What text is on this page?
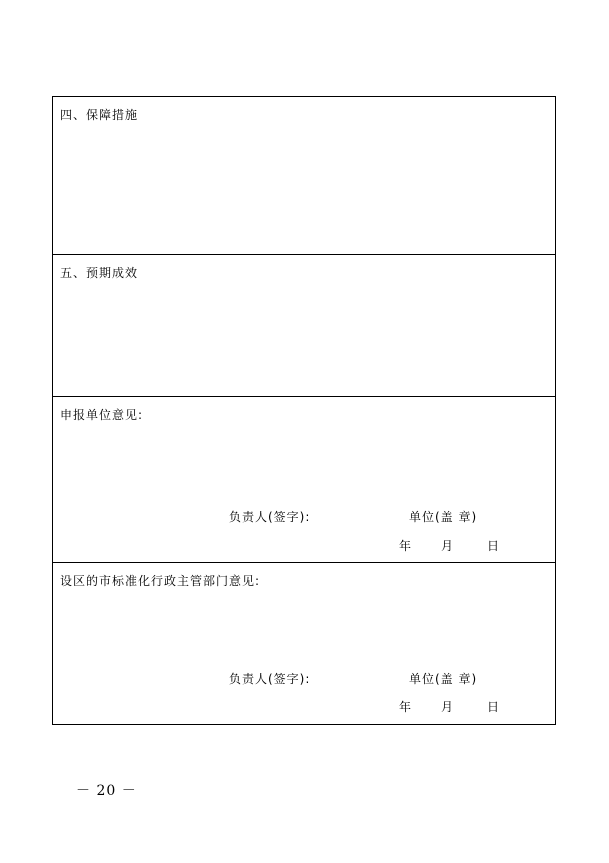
四、保障措施
五、预期成效
申报单位意见:
负责人(签字):	单位(盖 章)
年 月	日
设区的市标准化行政主管部门意见:
负责人(签字):	单位(盖 章)
年 月	日
－ 20 －
